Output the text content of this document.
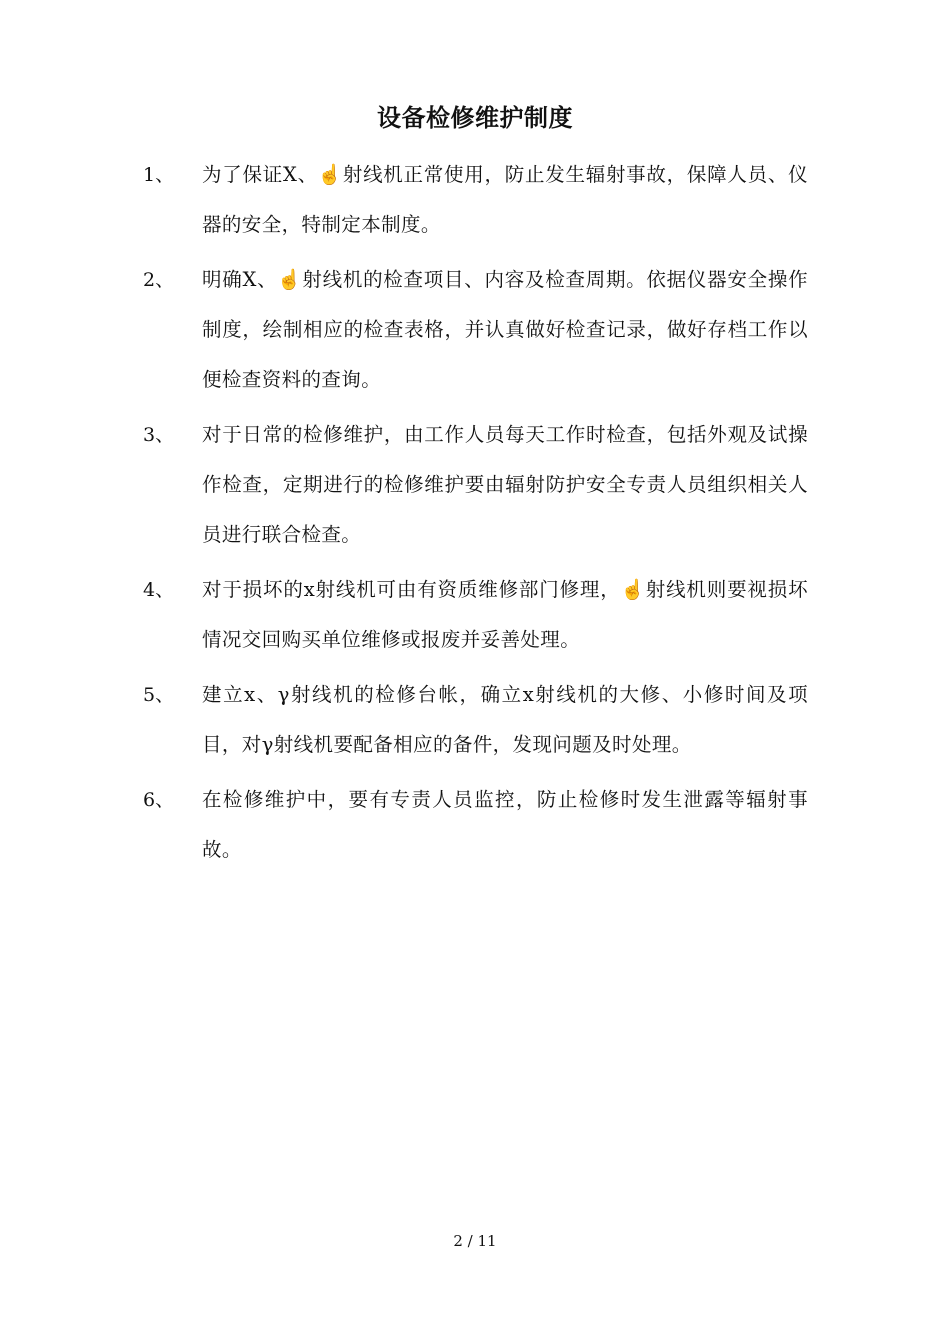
设备检修维护制度
1、 为了保证X、☝射线机正常使用，防止发生辐射事故，保障人员、仪器的安全，特制定本制度。
2、 明确X、☝射线机的检查项目、内容及检查周期。依据仪器安全操作制度，绘制相应的检查表格，并认真做好检查记录，做好存档工作以便检查资料的查询。
3、 对于日常的检修维护，由工作人员每天工作时检查，包括外观及试操作检查，定期进行的检修维护要由辐射防护安全专责人员组织相关人员进行联合检查。
4、 对于损坏的x射线机可由有资质维修部门修理，☝射线机则要视损坏情况交回购买单位维修或报废并妥善处理。
5、 建立x、γ射线机的检修台帐，确立x射线机的大修、小修时间及项目，对γ射线机要配备相应的备件，发现问题及时处理。
6、 在检修维护中，要有专责人员监控，防止检修时发生泄露等辐射事故。
2 / 11
